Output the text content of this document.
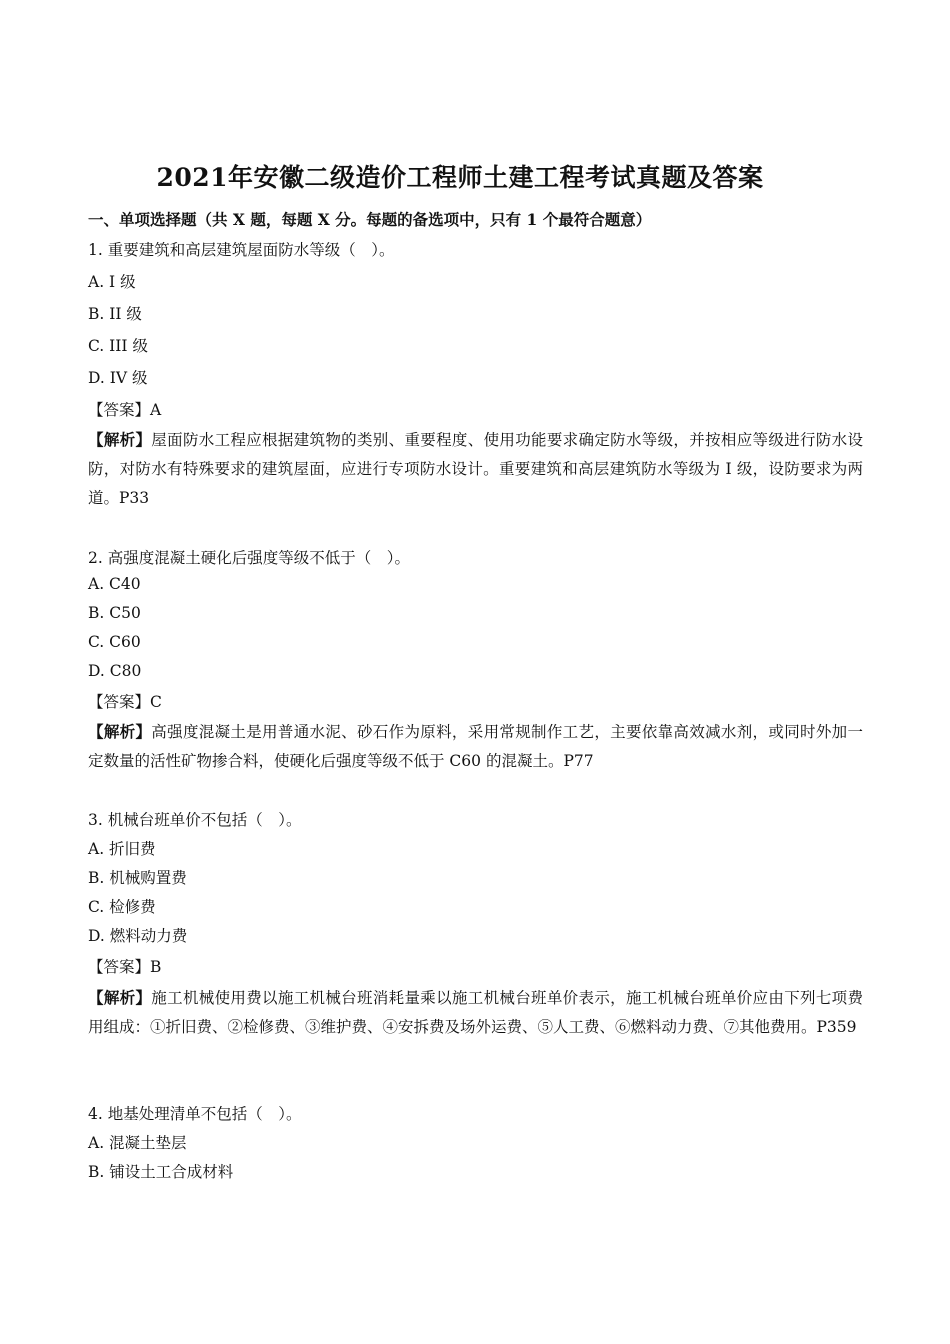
2021年安徽二级造价工程师土建工程考试真题及答案
一、单项选择题（共 X 题，每题 X 分。每题的备选项中，只有 1 个最符合题意）
1. 重要建筑和高层建筑屋面防水等级（　）。
A. I 级
B. II 级
C. III 级
D. IV 级
【答案】A
【解析】屋面防水工程应根据建筑物的类别、重要程度、使用功能要求确定防水等级，并按相应等级进行防水设防，对防水有特殊要求的建筑屋面，应进行专项防水设计。重要建筑和高层建筑防水等级为 I 级，设防要求为两道。P33
2. 高强度混凝土硬化后强度等级不低于（　）。
A. C40
B. C50
C. C60
D. C80
【答案】C
【解析】高强度混凝土是用普通水泥、砂石作为原料，采用常规制作工艺，主要依靠高效减水剂，或同时外加一定数量的活性矿物掺合料，使硬化后强度等级不低于 C60 的混凝土。P77
3. 机械台班单价不包括（　）。
A. 折旧费
B. 机械购置费
C. 检修费
D. 燃料动力费
【答案】B
【解析】施工机械使用费以施工机械台班消耗量乘以施工机械台班单价表示，施工机械台班单价应由下列七项费用组成：①折旧费、②检修费、③维护费、④安拆费及场外运费、⑤人工费、⑥燃料动力费、⑦其他费用。P359
4. 地基处理清单不包括（　）。
A. 混凝土垫层
B. 铺设土工合成材料
